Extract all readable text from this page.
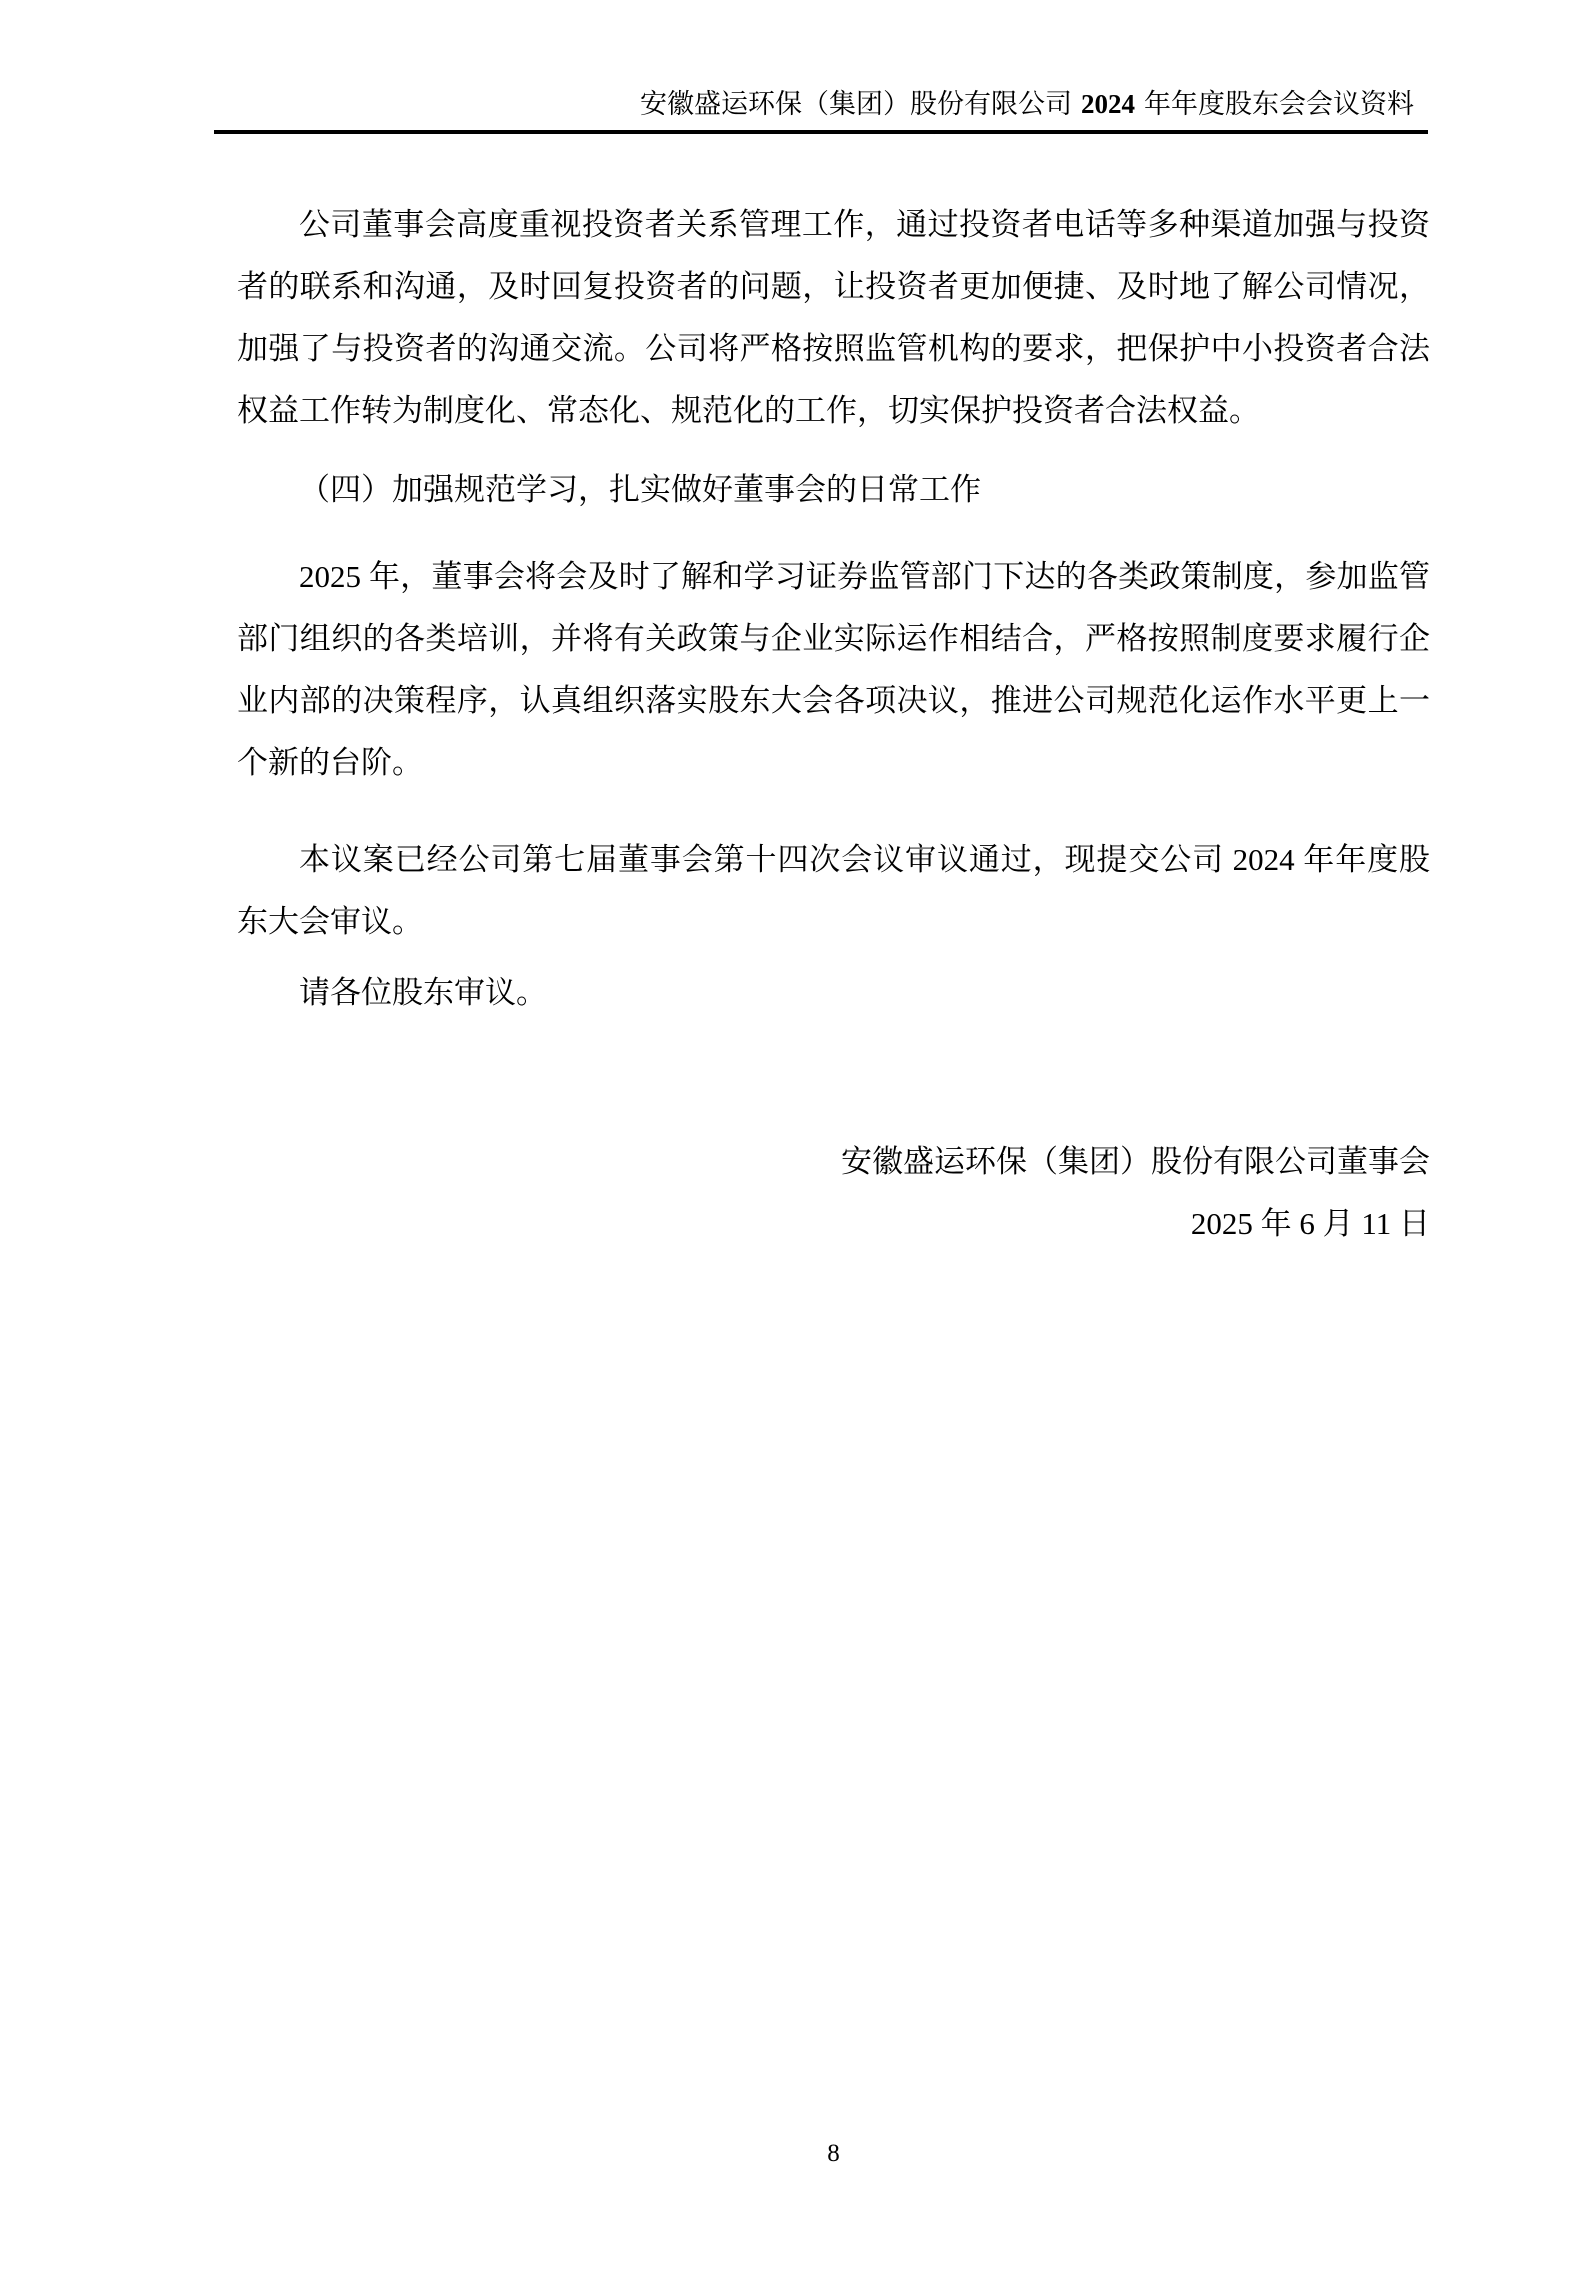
安徽盛运环保（集团）股份有限公司 2024 年年度股东会会议资料

公司董事会高度重视投资者关系管理工作，通过投资者电话等多种渠道加强与投资者的联系和沟通，及时回复投资者的问题，让投资者更加便捷、及时地了解公司情况，加强了与投资者的沟通交流。公司将严格按照监管机构的要求，把保护中小投资者合法权益工作转为制度化、常态化、规范化的工作，切实保护投资者合法权益。

（四）加强规范学习，扎实做好董事会的日常工作

2025 年，董事会将会及时了解和学习证券监管部门下达的各类政策制度，参加监管部门组织的各类培训，并将有关政策与企业实际运作相结合，严格按照制度要求履行企业内部的决策程序，认真组织落实股东大会各项决议，推进公司规范化运作水平更上一个新的台阶。

本议案已经公司第七届董事会第十四次会议审议通过，现提交公司 2024 年年度股东大会审议。

请各位股东审议。

安徽盛运环保（集团）股份有限公司董事会
2025 年 6 月 11 日
8
